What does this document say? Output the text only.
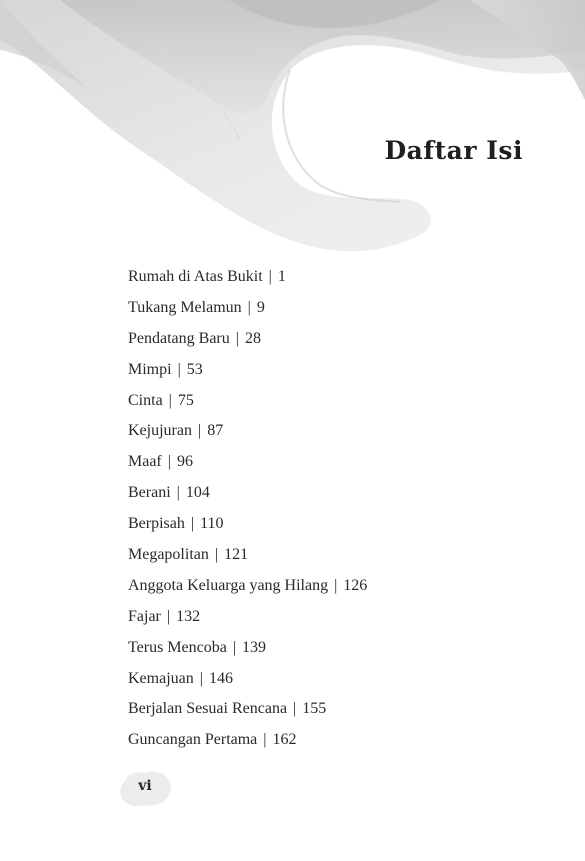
Daftar Isi
Rumah di Atas Bukit | 1
Tukang Melamun | 9
Pendatang Baru | 28
Mimpi | 53
Cinta | 75
Kejujuran | 87
Maaf | 96
Berani | 104
Berpisah | 110
Megapolitan | 121
Anggota Keluarga yang Hilang | 126
Fajar | 132
Terus Mencoba | 139
Kemajuan | 146
Berjalan Sesuai Rencana | 155
Guncangan Pertama | 162
vi
